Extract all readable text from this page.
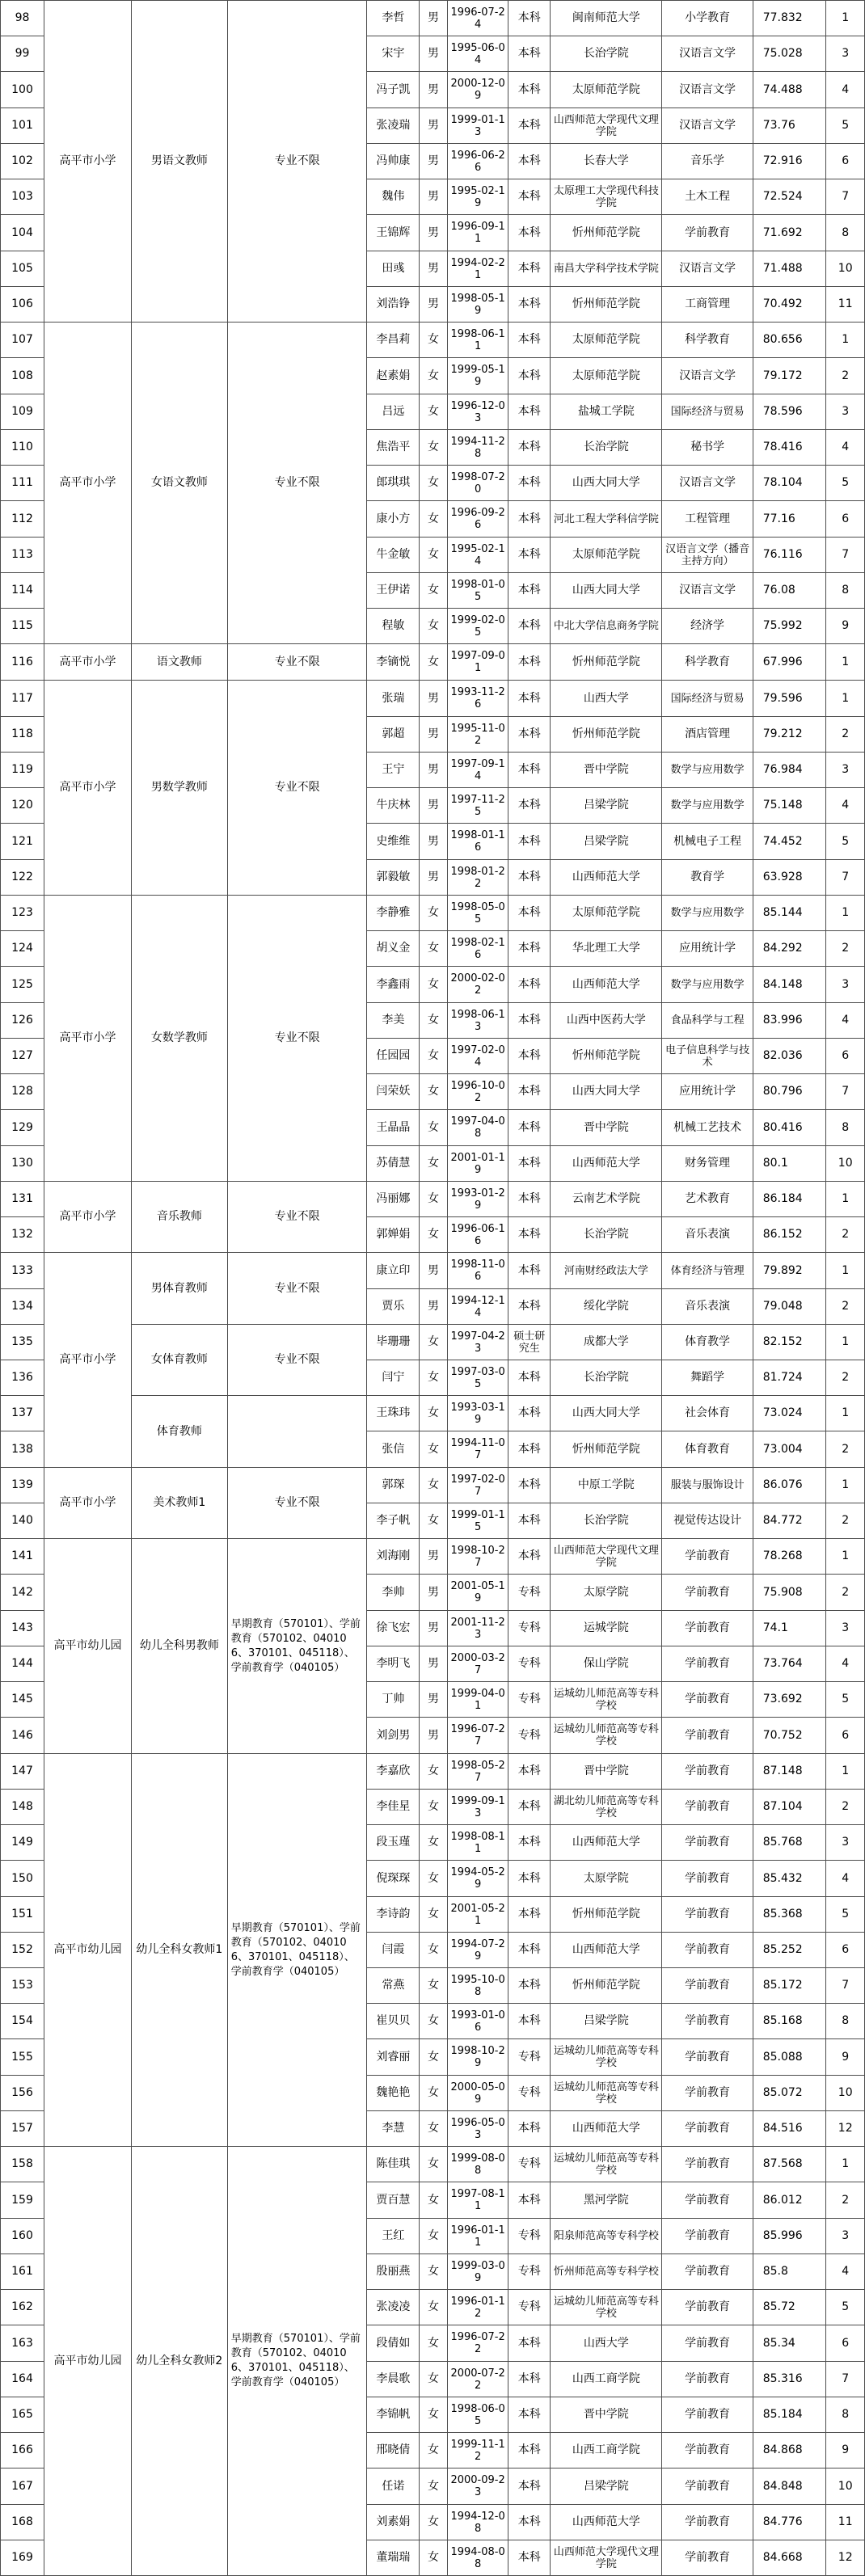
98	高平市小学	男语文教师	专业不限	李哲	男	1996-07-24	本科	闽南师范大学	小学教育	77.832	1
99				宋宇	男	1995-06-04	本科	长治学院	汉语言文学	75.028	3
100				冯子凯	男	2000-12-09	本科	太原师范学院	汉语言文学	74.488	4
101				张凌瑞	男	1999-01-13	本科	山西师范大学现代文理学院	汉语言文学	73.76	5
102				冯帅康	男	1996-06-26	本科	长春大学	音乐学	72.916	6
103				魏伟	男	1995-02-19	本科	太原理工大学现代科技学院	土木工程	72.524	7
104				王锦辉	男	1996-09-11	本科	忻州师范学院	学前教育	71.692	8
105				田彧	男	1994-02-21	本科	南昌大学科学技术学院	汉语言文学	71.488	10
106				刘浩铮	男	1998-05-19	本科	忻州师范学院	工商管理	70.492	11
107	高平市小学	女语文教师	专业不限	李昌莉	女	1998-06-11	本科	太原师范学院	科学教育	80.656	1
108				赵素娟	女	1999-05-19	本科	太原师范学院	汉语言文学	79.172	2
109				吕远	女	1996-12-03	本科	盐城工学院	国际经济与贸易	78.596	3
110				焦浩平	女	1994-11-28	本科	长治学院	秘书学	78.416	4
111				郎琪琪	女	1998-07-20	本科	山西大同大学	汉语言文学	78.104	5
112				康小方	女	1996-09-26	本科	河北工程大学科信学院	工程管理	77.16	6
113				牛金敏	女	1995-02-14	本科	太原师范学院	汉语言文学（播音主持方向）	76.116	7
114				王伊诺	女	1998-01-05	本科	山西大同大学	汉语言文学	76.08	8
115				程敏	女	1999-02-05	本科	中北大学信息商务学院	经济学	75.992	9
116	高平市小学	语文教师	专业不限	李镝悦	女	1997-09-01	本科	忻州师范学院	科学教育	67.996	1
117	高平市小学	男数学教师	专业不限	张瑞	男	1993-11-26	本科	山西大学	国际经济与贸易	79.596	1
118				郭超	男	1995-11-02	本科	忻州师范学院	酒店管理	79.212	2
119				王宁	男	1997-09-14	本科	晋中学院	数学与应用数学	76.984	3
120				牛庆林	男	1997-11-25	本科	吕梁学院	数学与应用数学	75.148	4
121				史维维	男	1998-01-16	本科	吕梁学院	机械电子工程	74.452	5
122				郭毅敏	男	1998-01-22	本科	山西师范大学	教育学	63.928	7
123	高平市小学	女数学教师	专业不限	李静雅	女	1998-05-05	本科	太原师范学院	数学与应用数学	85.144	1
124				胡义金	女	1998-02-16	本科	华北理工大学	应用统计学	84.292	2
125				李鑫雨	女	2000-02-02	本科	山西师范大学	数学与应用数学	84.148	3
126				李美	女	1998-06-13	本科	山西中医药大学	食品科学与工程	83.996	4
127				任园园	女	1997-02-04	本科	忻州师范学院	电子信息科学与技术	82.036	6
128				闫荣妖	女	1996-10-02	本科	山西大同大学	应用统计学	80.796	7
129				王晶晶	女	1997-04-08	本科	晋中学院	机械工艺技术	80.416	8
130				苏倩慧	女	2001-01-19	本科	山西师范大学	财务管理	80.1	10
131	高平市小学	音乐教师	专业不限	冯丽娜	女	1993-01-29	本科	云南艺术学院	艺术教育	86.184	1
132				郭婵娟	女	1996-06-16	本科	长治学院	音乐表演	86.152	2
133	高平市小学	男体育教师	专业不限	康立印	男	1998-11-06	本科	河南财经政法大学	体育经济与管理	79.892	1
134				贾乐	男	1994-12-14	本科	绥化学院	音乐表演	79.048	2
135		女体育教师	专业不限	毕珊珊	女	1997-04-23	硕士研究生	成都大学	体育教学	82.152	1
136				闫宁	女	1997-03-05	本科	长治学院	舞蹈学	81.724	2
137		体育教师		王珠玮	女	1993-03-19	本科	山西大同大学	社会体育	73.024	1
138				张信	女	1994-11-07	本科	忻州师范学院	体育教育	73.004	2
139	高平市小学	美术教师1	专业不限	郭琛	女	1997-02-07	本科	中原工学院	服装与服饰设计	86.076	1
140				李子帆	女	1999-01-15	本科	长治学院	视觉传达设计	84.772	2
141	高平市幼儿园	幼儿全科男教师	早期教育（570101）、学前教育（570102、040106、370101、045118）、学前教育学（040105）	刘海刚	男	1998-10-27	本科	山西师范大学现代文理学院	学前教育	78.268	1
142				李帅	男	2001-05-19	专科	太原学院	学前教育	75.908	2
143				徐飞宏	男	2001-11-23	专科	运城学院	学前教育	74.1	3
144				李明飞	男	2000-03-27	专科	保山学院	学前教育	73.764	4
145				丁帅	男	1999-04-01	专科	运城幼儿师范高等专科学校	学前教育	73.692	5
146				刘剑男	男	1996-07-27	专科	运城幼儿师范高等专科学校	学前教育	70.752	6
147	高平市幼儿园	幼儿全科女教师1	早期教育（570101）、学前教育（570102、040106、370101、045118）、学前教育学（040105）	李嘉欣	女	1998-05-27	本科	晋中学院	学前教育	87.148	1
148				李佳星	女	1999-09-13	本科	湖北幼儿师范高等专科学校	学前教育	87.104	2
149				段玉瑾	女	1998-08-11	本科	山西师范大学	学前教育	85.768	3
150				倪琛琛	女	1994-05-29	本科	太原学院	学前教育	85.432	4
151				李诗韵	女	2001-05-21	本科	忻州师范学院	学前教育	85.368	5
152				闫霞	女	1994-07-29	本科	山西师范大学	学前教育	85.252	6
153				常燕	女	1995-10-08	本科	忻州师范学院	学前教育	85.172	7
154				崔贝贝	女	1993-01-06	本科	吕梁学院	学前教育	85.168	8
155				刘睿丽	女	1998-10-29	专科	运城幼儿师范高等专科学校	学前教育	85.088	9
156				魏艳艳	女	2000-05-09	专科	运城幼儿师范高等专科学校	学前教育	85.072	10
157				李慧	女	1996-05-03	本科	山西师范大学	学前教育	84.516	12
158	高平市幼儿园	幼儿全科女教师2	早期教育（570101）、学前教育（570102、040106、370101、045118）、学前教育学（040105）	陈佳琪	女	1999-08-08	专科	运城幼儿师范高等专科学校	学前教育	87.568	1
159				贾百慧	女	1997-08-11	本科	黑河学院	学前教育	86.012	2
160				王红	女	1996-01-11	专科	阳泉师范高等专科学校	学前教育	85.996	3
161				殷丽燕	女	1999-03-09	专科	忻州师范高等专科学校	学前教育	85.8	4
162				张凌凌	女	1996-01-12	专科	运城幼儿师范高等专科学校	学前教育	85.72	5
163				段倩如	女	1996-07-22	本科	山西大学	学前教育	85.34	6
164				李晨歌	女	2000-07-22	本科	山西工商学院	学前教育	85.316	7
165				李锦帆	女	1998-06-05	本科	晋中学院	学前教育	85.184	8
166				邢晓倩	女	1999-11-12	本科	山西工商学院	学前教育	84.868	9
167				任诺	女	2000-09-23	本科	吕梁学院	学前教育	84.848	10
168				刘素娟	女	1994-12-08	本科	山西师范大学	学前教育	84.776	11
169				董瑞瑞	女	1994-08-08	本科	山西师范大学现代文理学院	学前教育	84.668	12
